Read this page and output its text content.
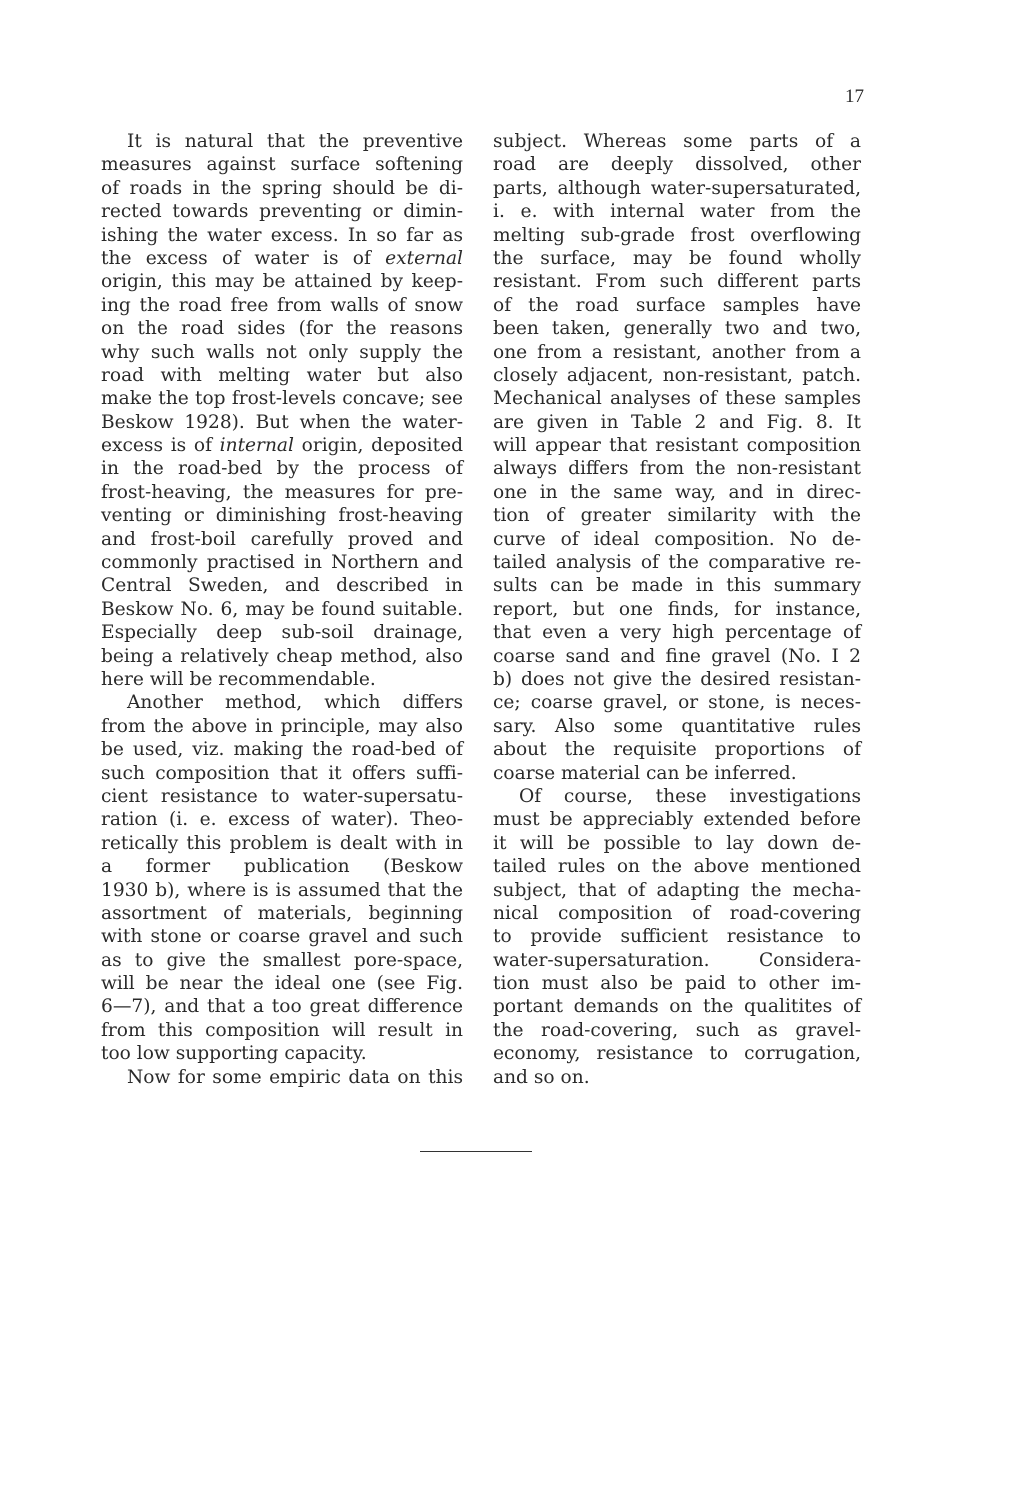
17
It is natural that the preventive
measures against surface softening
of roads in the spring should be di-
rected towards preventing or dimin-
ishing the water excess. In so far as
the excess of water is of external
origin, this may be attained by keep-
ing the road free from walls of snow
on the road sides (for the reasons
why such walls not only supply the
road with melting water but also
make the top frost-levels concave; see
Beskow 1928). But when the water-
excess is of internal origin, deposited
in the road-bed by the process of
frost-heaving, the measures for pre-
venting or diminishing frost-heaving
and frost-boil carefully proved and
commonly practised in Northern and
Central Sweden, and described in
Beskow No. 6, may be found suitable.
Especially deep sub-soil drainage,
being a relatively cheap method, also
here will be recommendable.
Another method, which differs
from the above in principle, may also
be used, viz. making the road-bed of
such composition that it offers suffi-
cient resistance to water-supersatu-
ration (i. e. excess of water). Theo-
retically this problem is dealt with in
a former publication (Beskow
1930 b), where is is assumed that the
assortment of materials, beginning
with stone or coarse gravel and such
as to give the smallest pore-space,
will be near the ideal one (see Fig.
6—7), and that a too great difference
from this composition will result in
too low supporting capacity.
Now for some empiric data on this
subject. Whereas some parts of a
road are deeply dissolved, other
parts, although water-supersaturated,
i. e. with internal water from the
melting sub-grade frost overflowing
the surface, may be found wholly
resistant. From such different parts
of the road surface samples have
been taken, generally two and two,
one from a resistant, another from a
closely adjacent, non-resistant, patch.
Mechanical analyses of these samples
are given in Table 2 and Fig. 8. It
will appear that resistant composition
always differs from the non-resistant
one in the same way, and in direc-
tion of greater similarity with the
curve of ideal composition. No de-
tailed analysis of the comparative re-
sults can be made in this summary
report, but one finds, for instance,
that even a very high percentage of
coarse sand and fine gravel (No. I 2
b) does not give the desired resistan-
ce; coarse gravel, or stone, is neces-
sary. Also some quantitative rules
about the requisite proportions of
coarse material can be inferred.
Of course, these investigations
must be appreciably extended before
it will be possible to lay down de-
tailed rules on the above mentioned
subject, that of adapting the mecha-
nical composition of road-covering
to provide sufficient resistance to
water-supersaturation. Considera-
tion must also be paid to other im-
portant demands on the qualitites of
the road-covering, such as gravel-
economy, resistance to corrugation,
and so on.
